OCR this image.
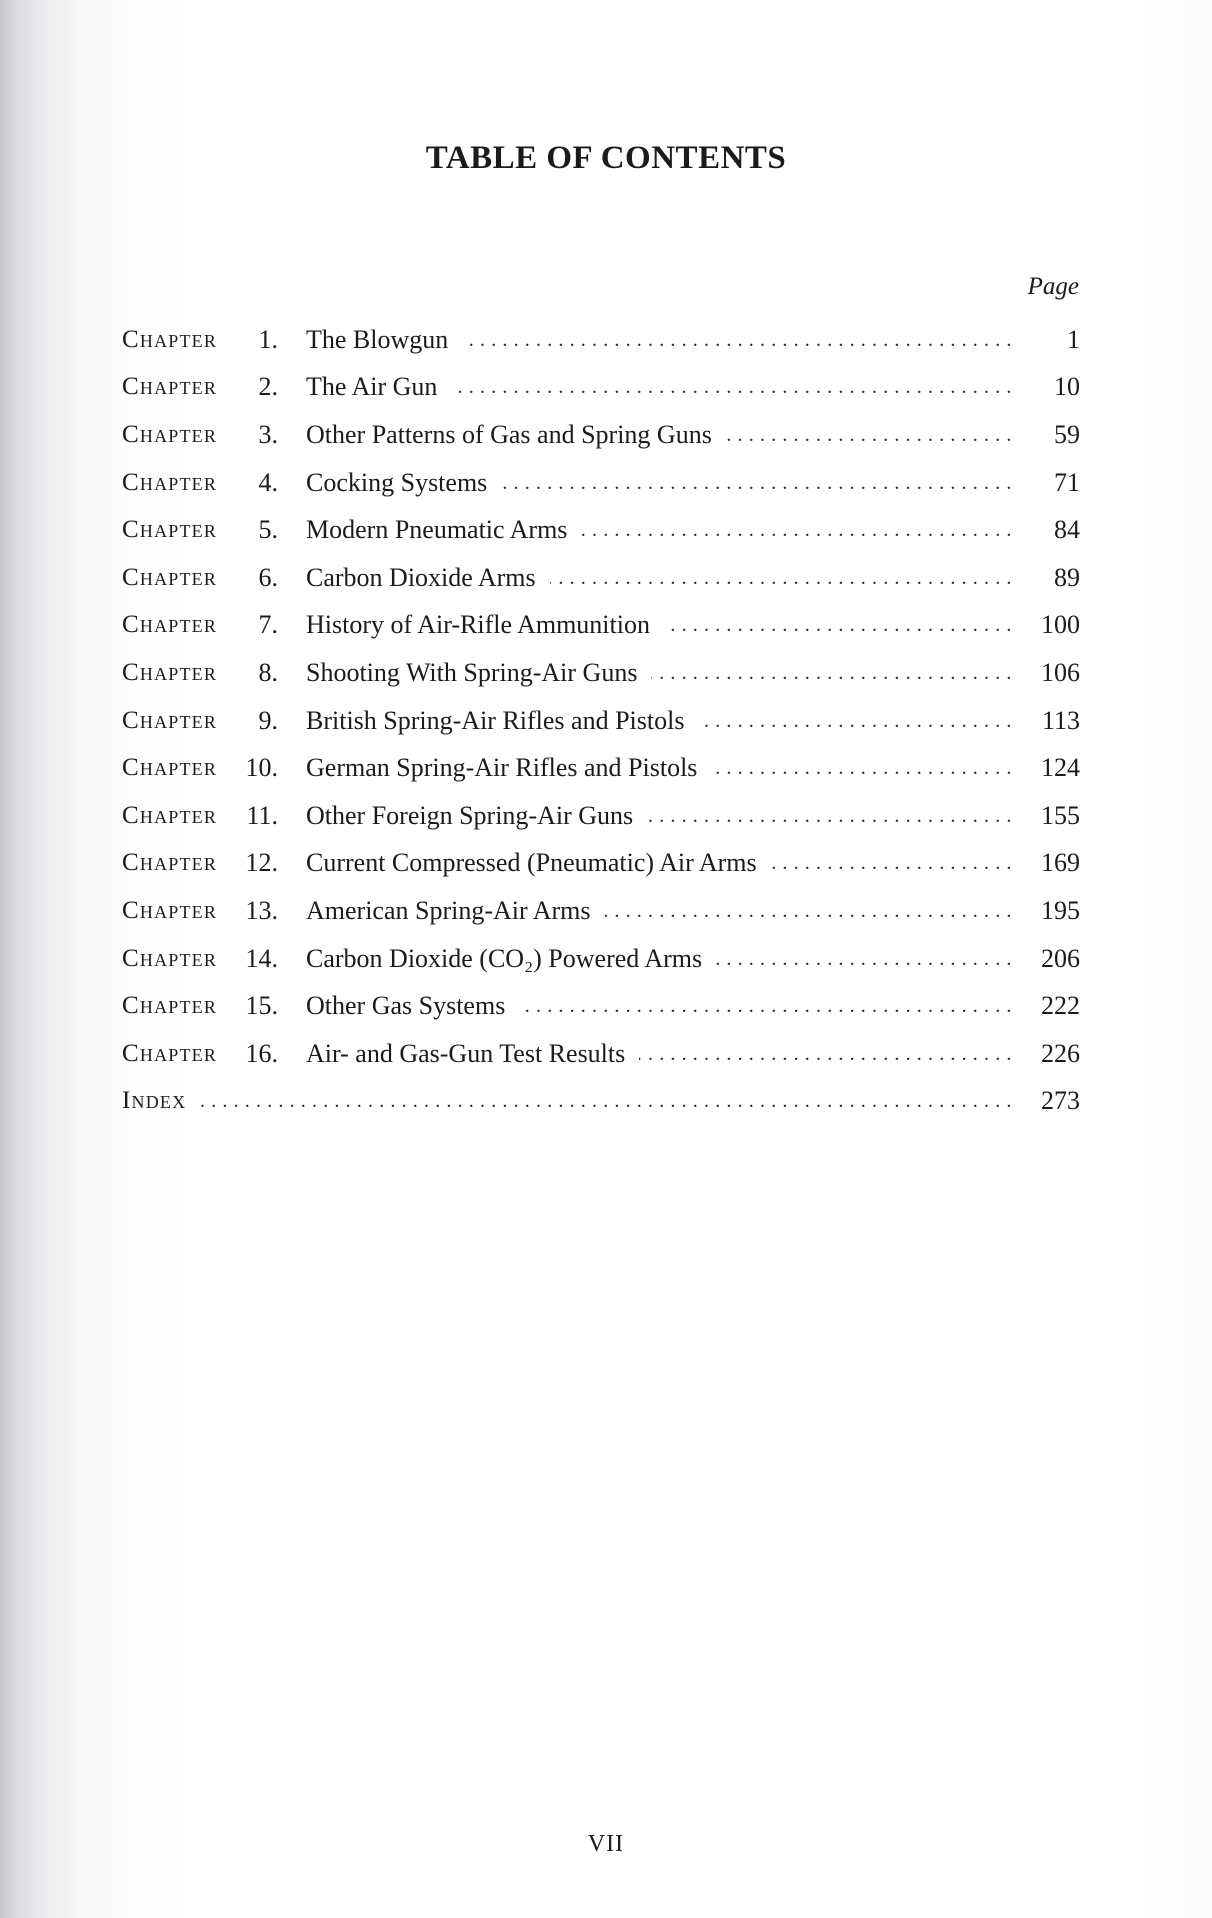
TABLE OF CONTENTS
Page
Chapter	1. The Blowgun . . .	1
Chapter	2. The Air Gun . . .	10
Chapter	3. Other Patterns of Gas and Spring Guns . . .	59
Chapter	4. Cocking Systems . . .	71
Chapter	5. Modern Pneumatic Arms . . .	84
Chapter	6. Carbon Dioxide Arms . . .	89
Chapter	7. History of Air-Rifle Ammunition . . .	100
Chapter	8. Shooting With Spring-Air Guns . . .	106
Chapter	9. British Spring-Air Rifles and Pistols . . .	113
Chapter	10. German Spring-Air Rifles and Pistols . . .	124
Chapter	11. Other Foreign Spring-Air Guns . . .	155
Chapter	12. Current Compressed (Pneumatic) Air Arms . . .	169
Chapter	13. American Spring-Air Arms . . .	195
Chapter	14. Carbon Dioxide (CO₂) Powered Arms . . .	206
Chapter	15. Other Gas Systems . . .	222
Chapter	16. Air- and Gas-Gun Test Results . . .	226
Index . . .	273
VII
